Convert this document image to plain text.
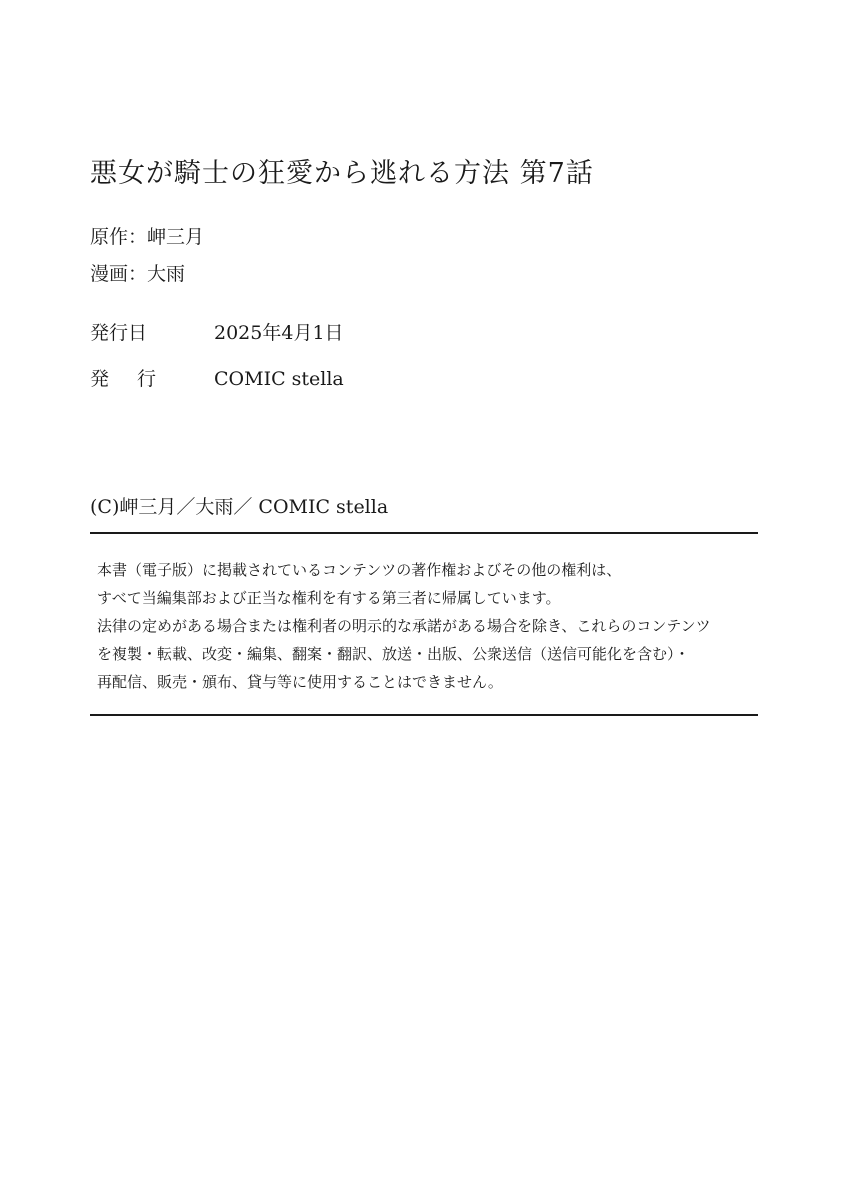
悪女が騎士の狂愛から逃れる方法 第7話
原作：岬三月
漫画：大雨
発行日	2025年4月1日
発行 COMIC stella
(C)岬三月／大雨／ COMIC stella
本書（電子版）に掲載されているコンテンツの著作権およびその他の権利は、
すべて当編集部および正当な権利を有する第三者に帰属しています。
法律の定めがある場合または権利者の明示的な承諾がある場合を除き、これらのコンテンツ
を複製・転載、改変・編集、翻案・翻訳、放送・出版、公衆送信（送信可能化を含む）・
再配信、販売・頒布、貸与等に使用することはできません。
